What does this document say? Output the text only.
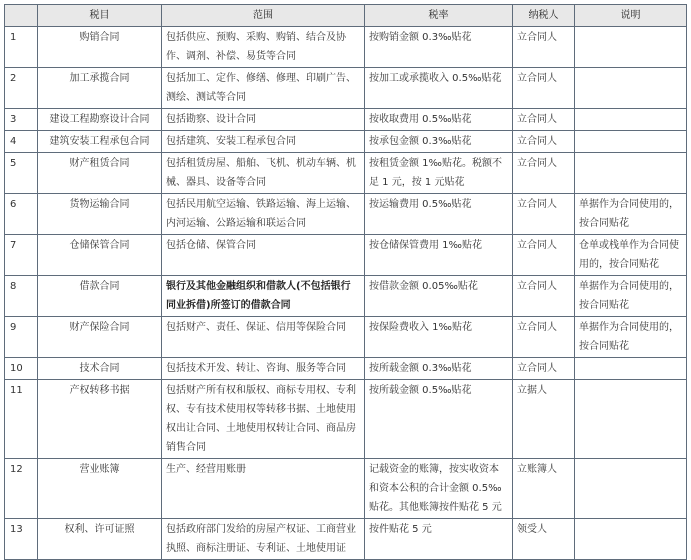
	税目	范围	税率	纳税人	说明
1	购销合同	包括供应、预购、采购、购销、结合及协作、调剂、补偿、易货等合同	按购销金额 0.3‰贴花	立合同人	
2	加工承揽合同	包括加工、定作、修缮、修理、印刷广告、测绘、测试等合同	按加工或承揽收入 0.5‰贴花	立合同人	
3	建设工程勘察设计合同	包括勘察、设计合同	按收取费用 0.5‰贴花	立合同人	
4	建筑安装工程承包合同	包括建筑、安装工程承包合同	按承包金额 0.3‰贴花	立合同人	
5	财产租赁合同	包括租赁房屋、船舶、飞机、机动车辆、机械、器具、设备等合同	按租赁金额 1‰贴花。税额不足 1 元，按 1 元贴花	立合同人	
6	货物运输合同	包括民用航空运输、铁路运输、海上运输、内河运输、公路运输和联运合同	按运输费用 0.5‰贴花	立合同人	单据作为合同使用的，按合同贴花
7	仓储保管合同	包括仓储、保管合同	按仓储保管费用 1‰贴花	立合同人	仓单或栈单作为合同使用的，按合同贴花
8	借款合同	银行及其他金融组织和借款人(不包括银行同业拆借)所签订的借款合同	按借款金额 0.05‰贴花	立合同人	单据作为合同使用的，按合同贴花
9	财产保险合同	包括财产、责任、保证、信用等保险合同	按保险费收入 1‰贴花	立合同人	单据作为合同使用的，按合同贴花
10	技术合同	包括技术开发、转让、咨询、服务等合同	按所载金额 0.3‰贴花	立合同人	
11	产权转移书据	包括财产所有权和版权、商标专用权、专利权、专有技术使用权等转移书据、土地使用权出让合同、土地使用权转让合同、商品房销售合同	按所载金额 0.5‰贴花	立据人	
12	营业账簿	生产、经营用账册	记载资金的账簿，按实收资本和资本公积的合计金额 0.5‰贴花。其他账簿按件贴花 5 元	立账簿人	
13	权利、许可证照	包括政府部门发给的房屋产权证、工商营业执照、商标注册证、专利证、土地使用证	按件贴花 5 元	领受人	
